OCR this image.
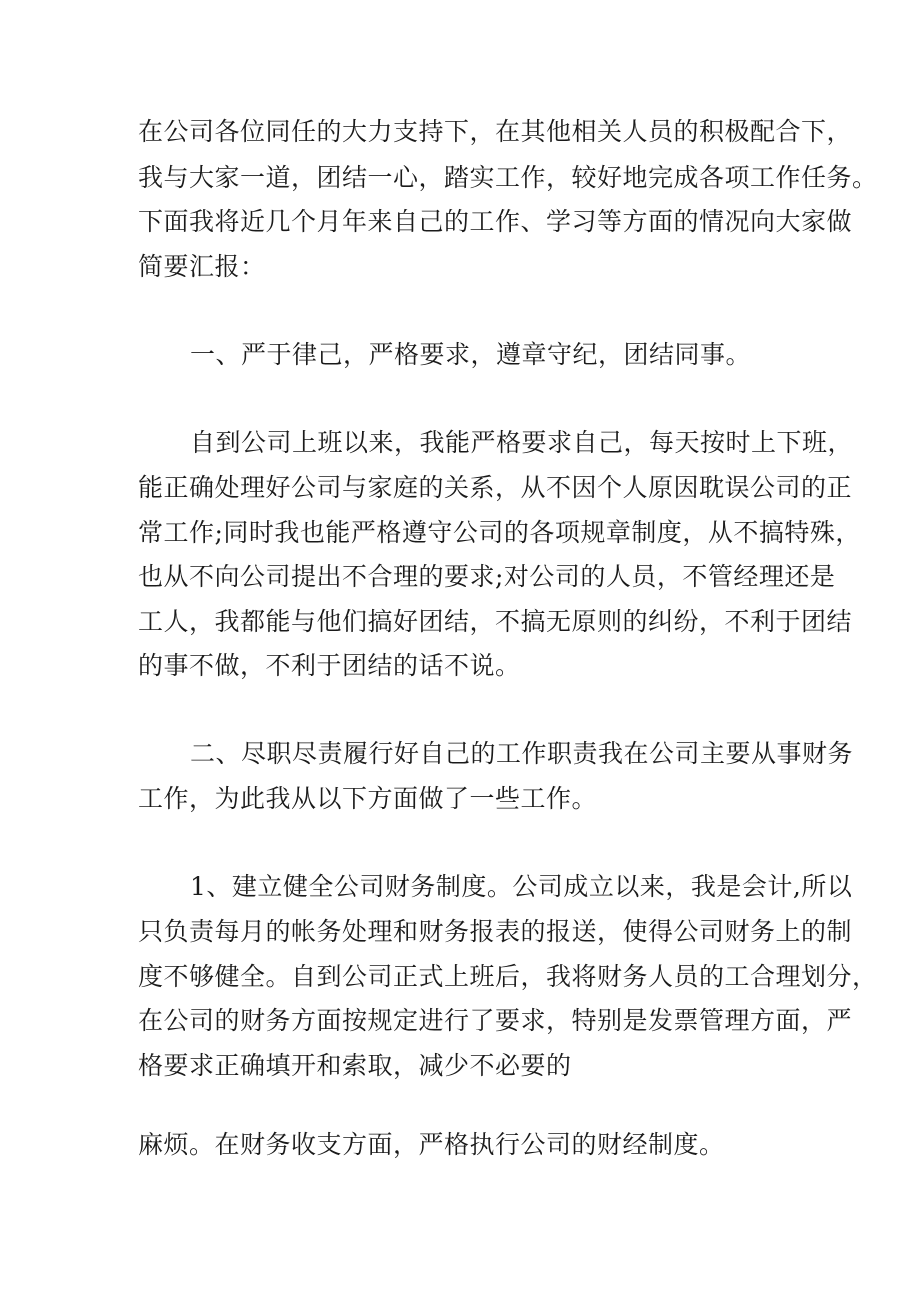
在公司各位同任的大力支持下，在其他相关人员的积极配合下，
我与大家一道，团结一心，踏实工作，较好地完成各项工作任务。
下面我将近几个月年来自己的工作、学习等方面的情况向大家做
简要汇报：
一、严于律己，严格要求，遵章守纪，团结同事。
自到公司上班以来，我能严格要求自己，每天按时上下班，
能正确处理好公司与家庭的关系，从不因个人原因耽误公司的正
常工作;同时我也能严格遵守公司的各项规章制度，从不搞特殊，
也从不向公司提出不合理的要求;对公司的人员，不管经理还是
工人，我都能与他们搞好团结，不搞无原则的纠纷，不利于团结
的事不做，不利于团结的话不说。
二、尽职尽责履行好自己的工作职责我在公司主要从事财务
工作，为此我从以下方面做了一些工作。
1、建立健全公司财务制度。公司成立以来，我是会计,所以
只负责每月的帐务处理和财务报表的报送，使得公司财务上的制
度不够健全。自到公司正式上班后，我将财务人员的工合理划分，
在公司的财务方面按规定进行了要求，特别是发票管理方面，严
格要求正确填开和索取，减少不必要的
麻烦。在财务收支方面，严格执行公司的财经制度。
